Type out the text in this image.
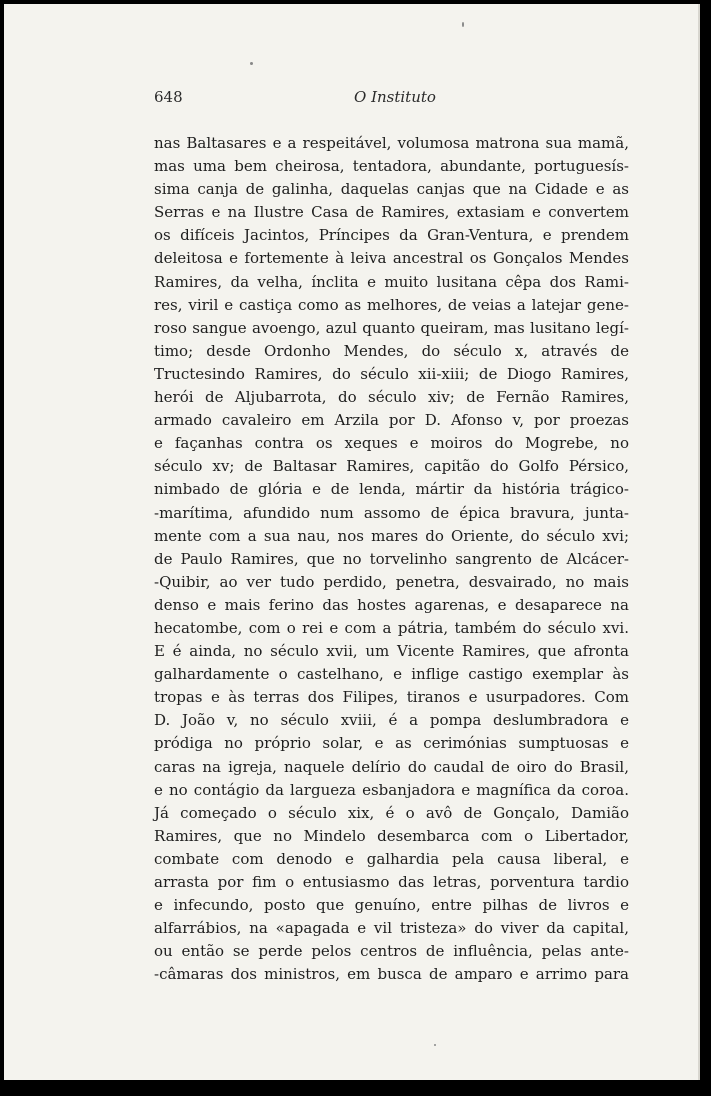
648	O Instituto
nas Baltasares e a respeitável, volumosa matrona sua mamã,
mas uma bem cheirosa, tentadora, abundante, portuguesís-
sima canja de galinha, daquelas canjas que na Cidade e as
Serras e na Ilustre Casa de Ramires, extasiam e convertem
os difíceis Jacintos, Príncipes da Gran-Ventura, e prendem
deleitosa e fortemente à leiva ancestral os Gonçalos Mendes
Ramires, da velha, ínclita e muito lusitana cêpa dos Rami-
res, viril e castiça como as melhores, de veias a latejar gene-
roso sangue avoengo, azul quanto queiram, mas lusitano legí-
timo; desde Ordonho Mendes, do século x, através de
Tructesindo Ramires, do século xii-xiii; de Diogo Ramires,
herói de Aljubarrota, do século xiv; de Fernão Ramires,
armado cavaleiro em Arzila por D. Afonso v, por proezas
e façanhas contra os xeques e moiros do Mogrebe, no
século xv; de Baltasar Ramires, capitão do Golfo Pérsico,
nimbado de glória e de lenda, mártir da história trágico-
-marítima, afundido num assomo de épica bravura, junta-
mente com a sua nau, nos mares do Oriente, do século xvi;
de Paulo Ramires, que no torvelinho sangrento de Alcácer-
-Quibir, ao ver tudo perdido, penetra, desvairado, no mais
denso e mais ferino das hostes agarenas, e desaparece na
hecatombe, com o rei e com a pátria, também do século xvi.
E é ainda, no século xvii, um Vicente Ramires, que afronta
galhardamente o castelhano, e inflige castigo exemplar às
tropas e às terras dos Filipes, tiranos e usurpadores. Com
D. João v, no século xviii, é a pompa deslumbradora e
pródiga no próprio solar, e as cerimónias sumptuosas e
caras na igreja, naquele delírio do caudal de oiro do Brasil,
e no contágio da largueza esbanjadora e magnífica da coroa.
Já começado o século xix, é o avô de Gonçalo, Damião
Ramires, que no Mindelo desembarca com o Libertador,
combate com denodo e galhardia pela causa liberal, e
arrasta por fim o entusiasmo das letras, porventura tardio
e infecundo, posto que genuíno, entre pilhas de livros e
alfarrábios, na «apagada e vil tristeza» do viver da capital,
ou então se perde pelos centros de influência, pelas ante-
-câmaras dos ministros, em busca de amparo e arrimo para
